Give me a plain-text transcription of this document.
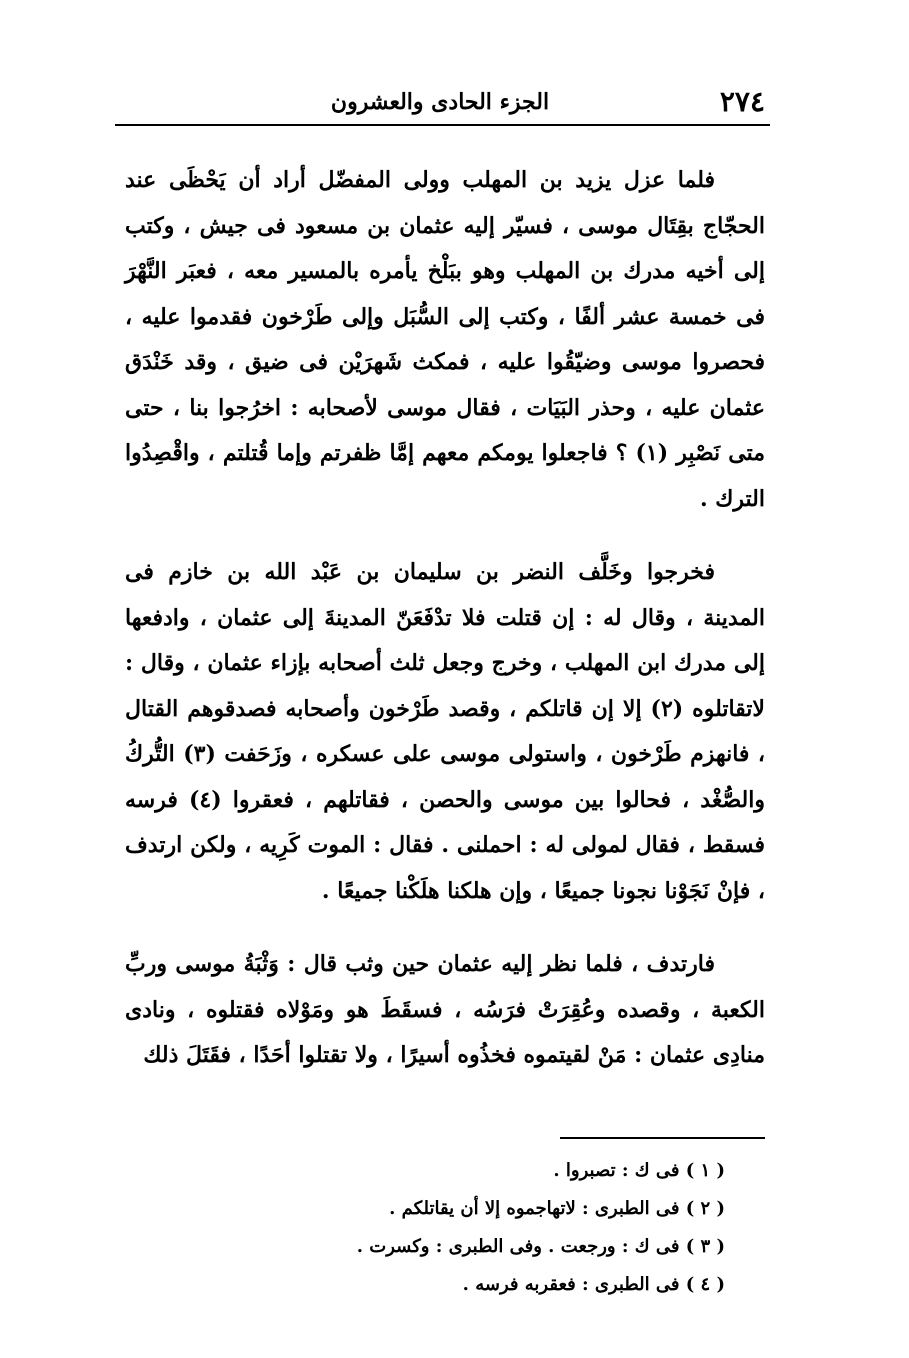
٢٧٤
الجزء الحادى والعشرون

فلما عزل يزيد بن المهلب وولى المفضّل أراد أن يَحْظَى عند الحجّاج بقِتَال موسى ، فسيّر إليه عثمان بن مسعود فى جيش ، وكتب إلى أخيه مدرك بن المهلب وهو ببَلْخ يأمره بالمسير معه ، فعبَر النَّهْرَ فى خمسة عشر ألفًا ، وكتب إلى السُّبَل وإلى طَرْخون فقدموا عليه ، فحصروا موسى وضيّقُوا عليه ، فمكث شَهرَيْن فى ضيق ، وقد خَنْدَق عثمان عليه ، وحذر البَيَات ، فقال موسى لأصحابه : اخرُجوا بنا ، حتى متى نَصْبِر (١) ؟ فاجعلوا يومكم معهم إمَّا ظفرتم وإما قُتلتم ، واقْصِدُوا الترك .

فخرجوا وخَلَّف النضر بن سليمان بن عَبْد الله بن خازم فى المدينة ، وقال له : إن قتلت فلا تدْفَعَنّ المدينةَ إلى عثمان ، وادفعها إلى مدرك ابن المهلب ، وخرج وجعل ثلث أصحابه بإزاء عثمان ، وقال : لاتقاتلوه (٢) إلا إن قاتلكم ، وقصد طَرْخون وأصحابه فصدقوهم القتال ، فانهزم طَرْخون ، واستولى موسى على عسكره ، وزَحَفت (٣) التُّركُ والصُّغْد ، فحالوا بين موسى والحصن ، فقاتلهم ، فعقروا (٤) فرسه فسقط ، فقال لمولى له : احملنى . فقال : الموت كَرِيه ، ولكن ارتدف ، فإنْ نَجَوْنا نجونا جميعًا ، وإن هلكنا هلَكْنا جميعًا .

فارتدف ، فلما نظر إليه عثمان حين وثب قال : وَثْبَةُ موسى وربِّ الكعبة ، وقصده وعُقِرَتْ فرَسُه ، فسقَطَ هو ومَوْلاه فقتلوه ، ونادى منادِى عثمان : مَنْ لقيتموه فخذُوه أسيرًا ، ولا تقتلوا أحَدًا ، فقَتَلَ ذلك

( ١ ) فى ك : تصبروا .
( ٢ ) فى الطبرى : لاتهاجموه إلا أن يقاتلكم .
( ٣ ) فى ك : ورجعت . وفى الطبرى : وكسرت .
( ٤ ) فى الطبرى : فعقربه فرسه .
